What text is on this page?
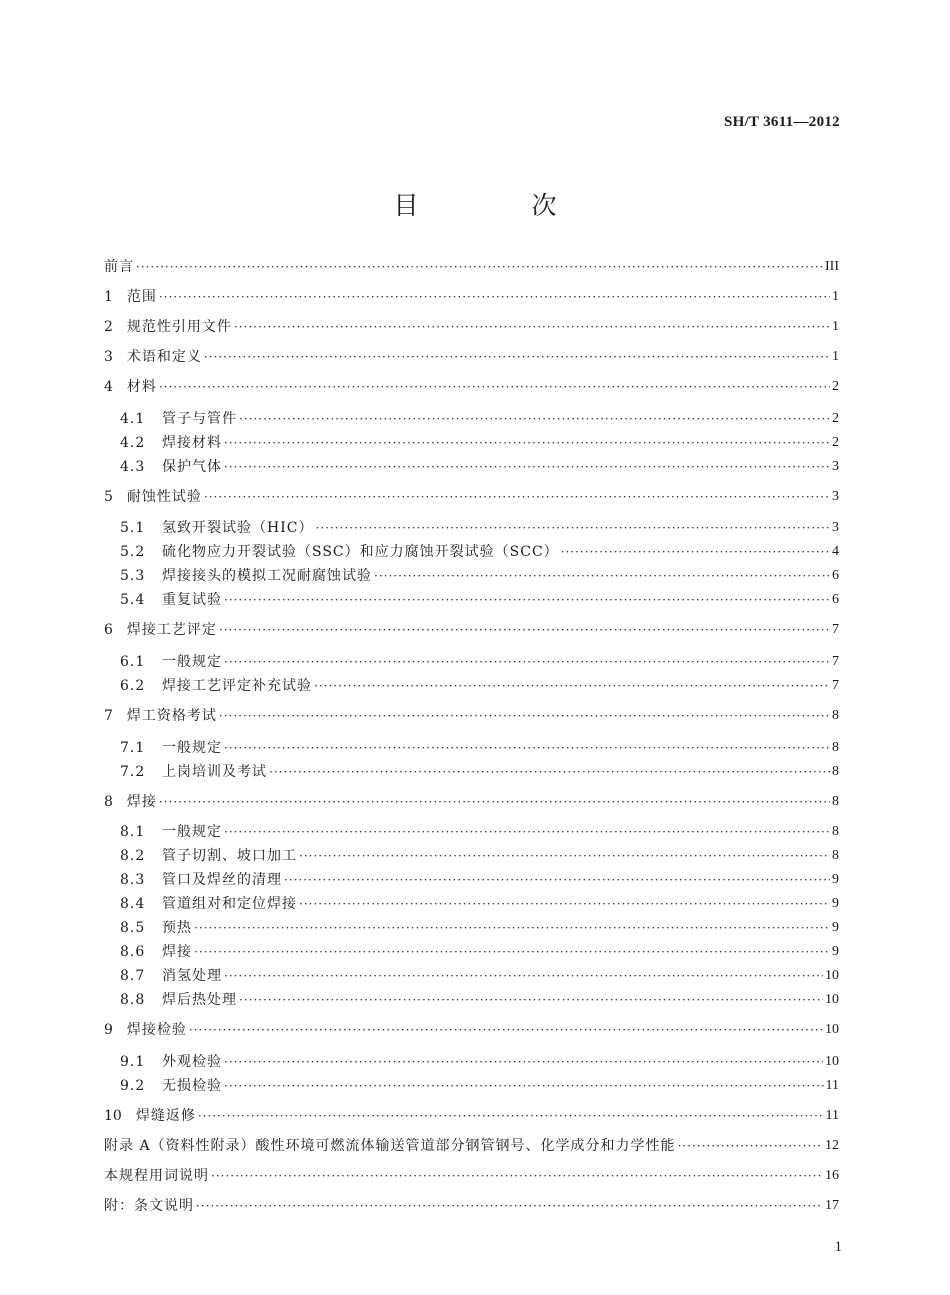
SH/T 3611—2012
目　次
前言 ·····	III
1 范围 ·····	1
2 规范性引用文件 ·····	1
3 术语和定义 ·····	1
4 材料 ·····	2
4.1 管子与管件 ·····	2
4.2 焊接材料 ·····	2
4.3 保护气体 ·····	3
5 耐蚀性试验 ·····	3
5.1 氢致开裂试验（HIC） ·····	3
5.2 硫化物应力开裂试验（SSC）和应力腐蚀开裂试验（SCC） ·····	4
5.3 焊接接头的模拟工况耐腐蚀试验 ·····	6
5.4 重复试验 ·····	6
6 焊接工艺评定 ·····	7
6.1 一般规定 ·····	7
6.2 焊接工艺评定补充试验 ·····	7
7 焊工资格考试 ·····	8
7.1 一般规定 ·····	8
7.2 上岗培训及考试 ·····	8
8 焊接 ·····	8
8.1 一般规定 ·····	8
8.2 管子切割、坡口加工 ·····	8
8.3 管口及焊丝的清理 ·····	9
8.4 管道组对和定位焊接 ·····	9
8.5 预热 ·····	9
8.6 焊接 ·····	9
8.7 消氢处理 ·····	10
8.8 焊后热处理 ·····	10
9 焊接检验 ·····	10
9.1 外观检验 ·····	10
9.2 无损检验 ·····	11
10 焊缝返修 ·····	11
附录 A（资料性附录）酸性环境可燃流体输送管道部分钢管钢号、化学成分和力学性能 ·····	12
本规程用词说明 ·····	16
附：条文说明 ·····	17
1
